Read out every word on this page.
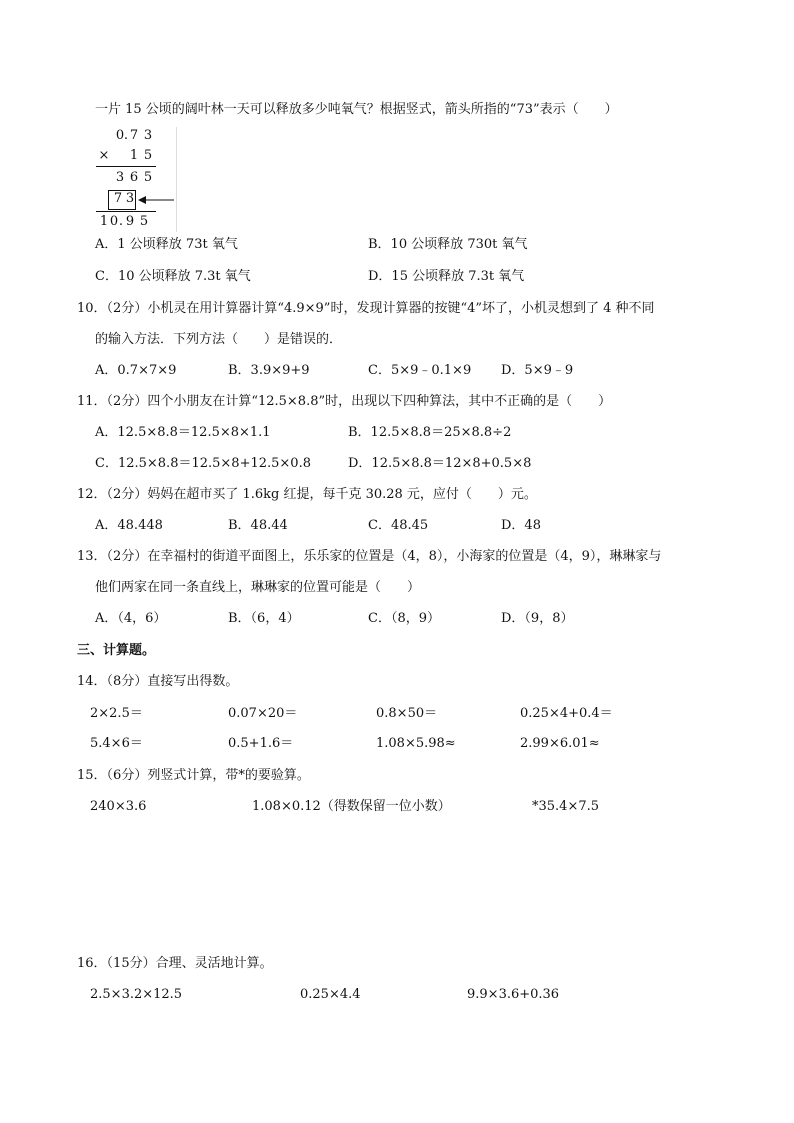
一片 15 公顷的阔叶林一天可以释放多少吨氧气？根据竖式，箭头所指的“73”表示（　　）
0 . 7 3
× 1 5
3 6 5
7 3
1 0 . 9 5
A．1 公顷释放 73t 氧气	B．10 公顷释放 730t 氧气
C．10 公顷释放 7.3t 氧气	D．15 公顷释放 7.3t 氧气
10．（2分）小机灵在用计算器计算“4.9×9”时，发现计算器的按键“4”坏了，小机灵想到了 4 种不同
的输入方法．下列方法（　　）是错误的．
A．0.7×7×9	B．3.9×9+9	C．5×9﹣0.1×9 D．5×9﹣9
11．（2分）四个小朋友在计算“12.5×8.8”时，出现以下四种算法，其中不正确的是（　　）
A．12.5×8.8＝12.5×8×1.1	B．12.5×8.8＝25×8.8÷2
C．12.5×8.8＝12.5×8+12.5×0.8	D．12.5×8.8＝12×8+0.5×8
12．（2分）妈妈在超市买了 1.6kg 红提，每千克 30.28 元，应付（　　）元。
A．48.448	B．48.44	C．48.45	D．48
13．（2分）在幸福村的街道平面图上，乐乐家的位置是（4，8），小海家的位置是（4，9），琳琳家与
他们两家在同一条直线上，琳琳家的位置可能是（　　）
A．（4，6）	B．（6，4）	C．（8，9）	D．（9，8）
三、计算题。
14．（8分）直接写出得数。
2×2.5＝	0.07×20＝	0.8×50＝	0.25×4+0.4＝
5.4×6＝	0.5+1.6＝	1.08×5.98≈	2.99×6.01≈
15．（6分）列竖式计算，带*的要验算。
240×3.6	1.08×0.12（得数保留一位小数）	*35.4×7.5
16．（15分）合理、灵活地计算。
2.5×3.2×12.5	0.25×4.4	9.9×3.6+0.36
